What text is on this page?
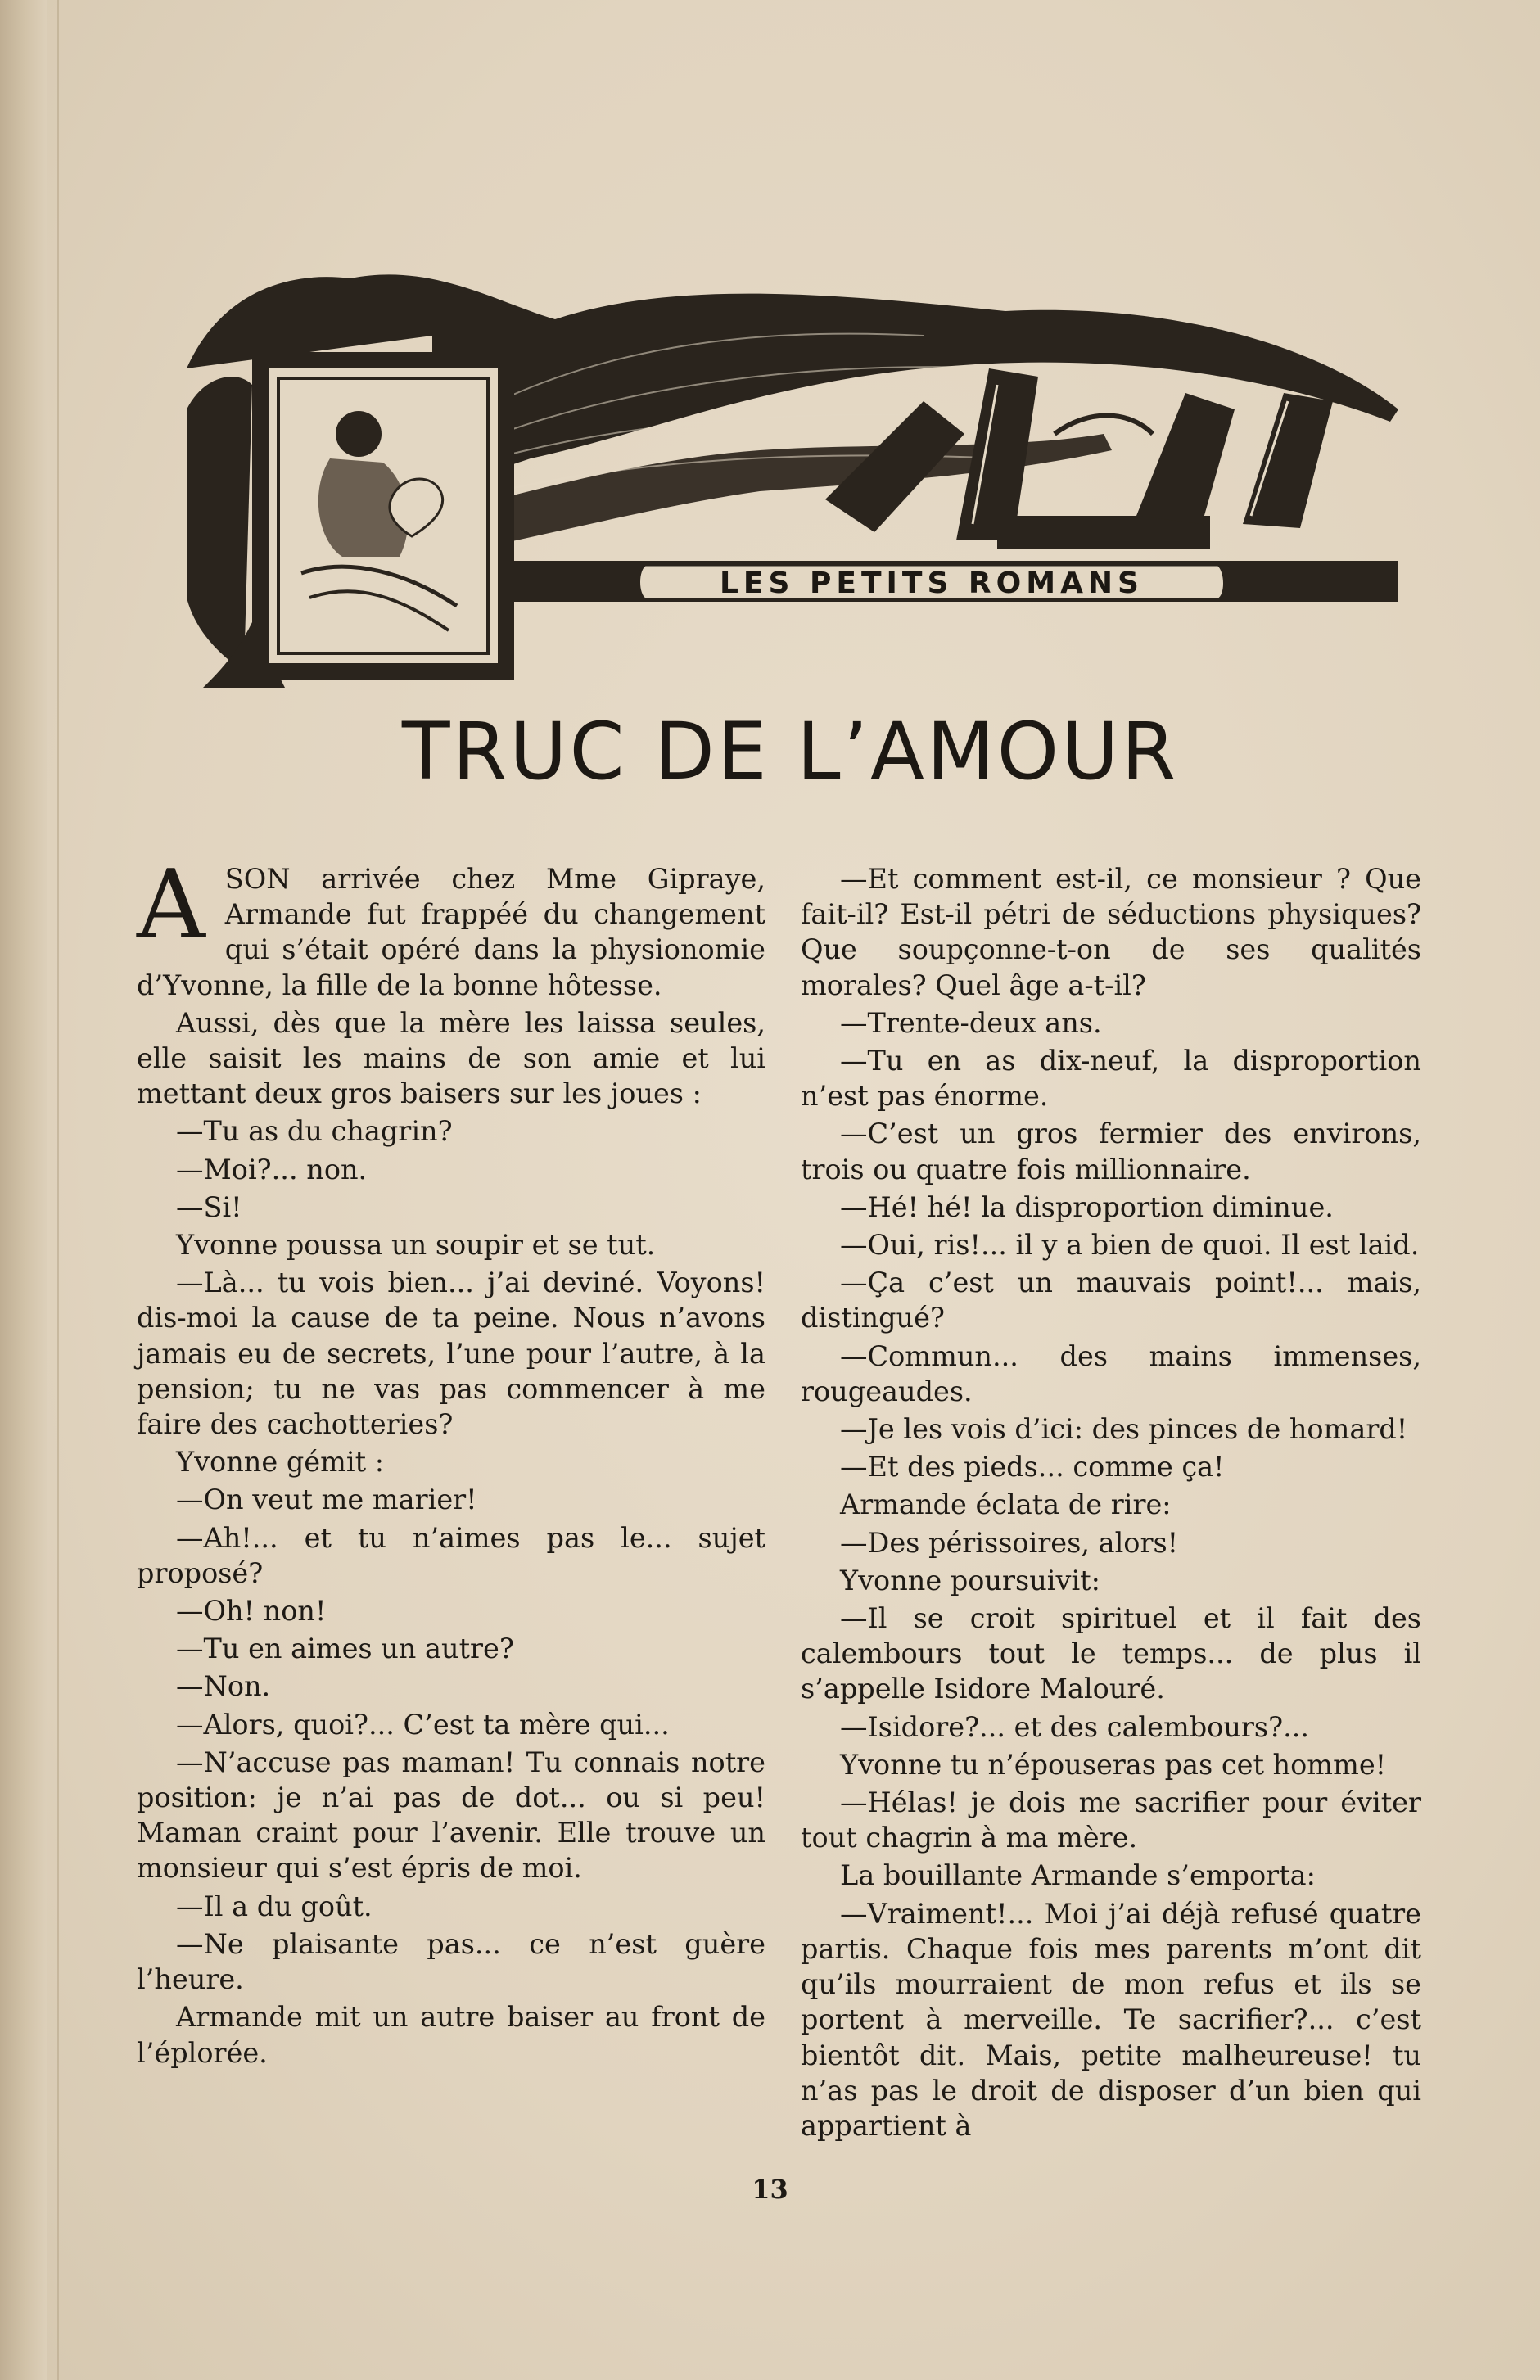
LES PETITS ROMANS
TRUC DE L’AMOUR

ASON arrivée chez Mme Gipraye, Armande fut frappéé du changement qui s’était opéré dans la physionomie d’Yvonne, la fille de la bonne hôtesse.

Aussi, dès que la mère les laissa seules, elle saisit les mains de son amie et lui mettant deux gros baisers sur les joues :

—Tu as du chagrin?

—Moi?... non.

—Si!

Yvonne poussa un soupir et se tut.

—Là... tu vois bien... j’ai deviné. Voyons! dis-moi la cause de ta peine. Nous n’avons jamais eu de secrets, l’une pour l’autre, à la pension; tu ne vas pas commencer à me faire des cachotteries?

Yvonne gémit :

—On veut me marier!

—Ah!... et tu n’aimes pas le... sujet proposé?

—Oh! non!

—Tu en aimes un autre?

—Non.

—Alors, quoi?... C’est ta mère qui...

—N’accuse pas maman! Tu connais notre position: je n’ai pas de dot... ou si peu! Maman craint pour l’avenir. Elle trouve un monsieur qui s’est épris de moi.

—Il a du goût.

—Ne plaisante pas... ce n’est guère l’heure.

Armande mit un autre baiser au front de l’éplorée.

—Et comment est-il, ce monsieur ? Que fait-il? Est-il pétri de séductions physiques? Que soupçonne-t-on de ses qualités morales? Quel âge a-t-il?

—Trente-deux ans.

—Tu en as dix-neuf, la disproportion n’est pas énorme.

—C’est un gros fermier des environs, trois ou quatre fois millionnaire.

—Hé! hé! la disproportion diminue.

—Oui, ris!... il y a bien de quoi. Il est laid.

—Ça c’est un mauvais point!... mais, distingué?

—Commun... des mains immenses, rougeaudes.

—Je les vois d’ici: des pinces de homard!

—Et des pieds... comme ça!

Armande éclata de rire:

—Des périssoires, alors!

Yvonne poursuivit:

—Il se croit spirituel et il fait des calembours tout le temps... de plus il s’appelle Isidore Malouré.

—Isidore?... et des calembours?...

Yvonne tu n’épouseras pas cet homme!

—Hélas! je dois me sacrifier pour éviter tout chagrin à ma mère.

La bouillante Armande s’emporta:

—Vraiment!... Moi j’ai déjà refusé quatre partis. Chaque fois mes parents m’ont dit qu’ils mourraient de mon refus et ils se portent à merveille. Te sacrifier?... c’est bientôt dit. Mais, petite malheureuse! tu n’as pas le droit de disposer d’un bien qui appartient à

13
